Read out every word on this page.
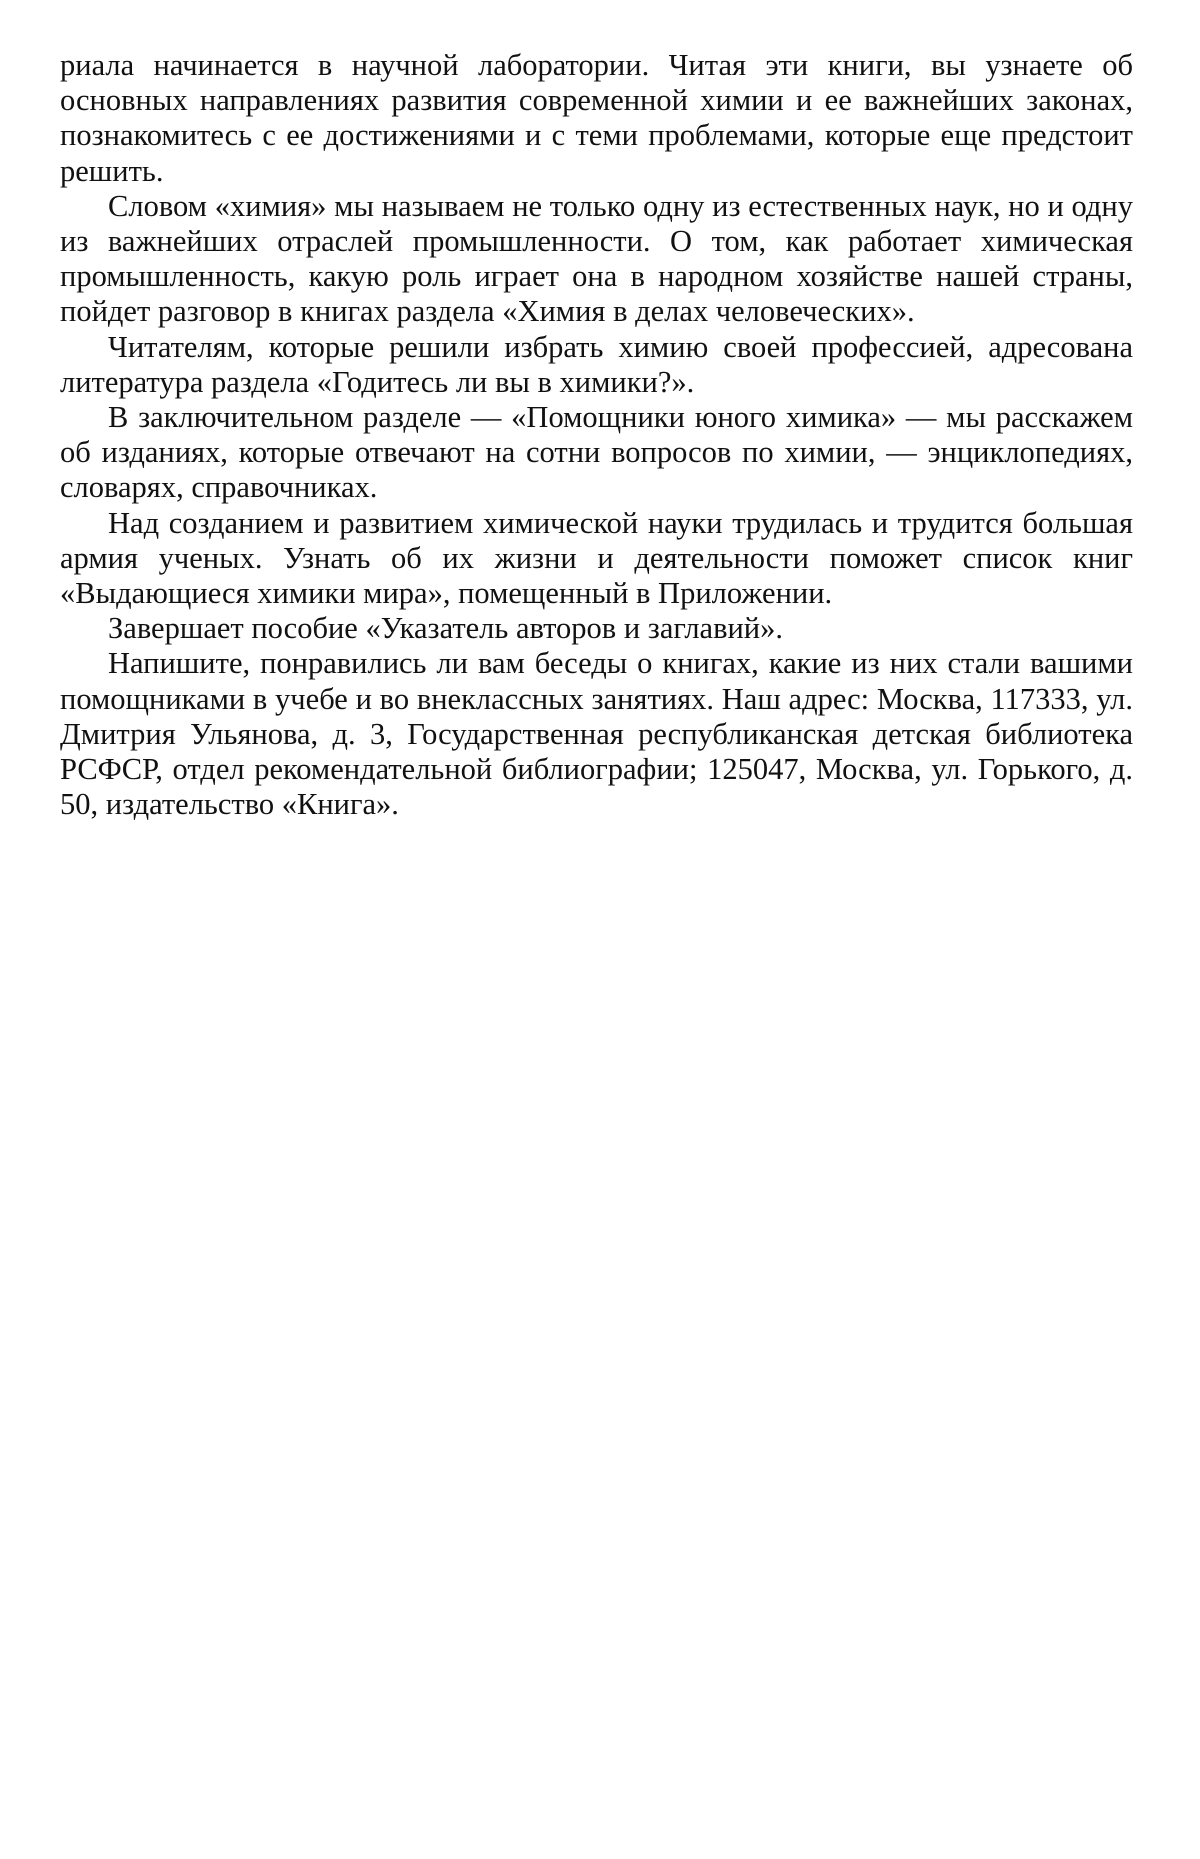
риала начинается в научной лаборатории. Читая эти книги, вы узнаете об основных направлениях развития современной химии и ее важнейших законах, познакомитесь с ее достижениями и с теми проблемами, которые еще предстоит решить.

Словом «химия» мы называем не только одну из естественных наук, но и одну из важнейших отраслей промышленности. О том, как работает химическая промышленность, какую роль играет она в народном хозяйстве нашей страны, пойдет разговор в книгах раздела «Химия в делах человеческих».

Читателям, которые решили избрать химию своей профессией, адресована литература раздела «Годитесь ли вы в химики?».

В заключительном разделе — «Помощники юного химика» — мы расскажем об изданиях, которые отвечают на сотни вопросов по химии, — энциклопедиях, словарях, справочниках.

Над созданием и развитием химической науки трудилась и трудится большая армия ученых. Узнать об их жизни и деятельности поможет список книг «Выдающиеся химики мира», помещенный в Приложении.

Завершает пособие «Указатель авторов и заглавий».

Напишите, понравились ли вам беседы о книгах, какие из них стали вашими помощниками в учебе и во внеклассных занятиях. Наш адрес: Москва, 117333, ул. Дмитрия Ульянова, д. 3, Государственная республиканская детская библиотека РСФСР, отдел рекомендательной библиографии; 125047, Москва, ул. Горького, д. 50, издательство «Книга».
